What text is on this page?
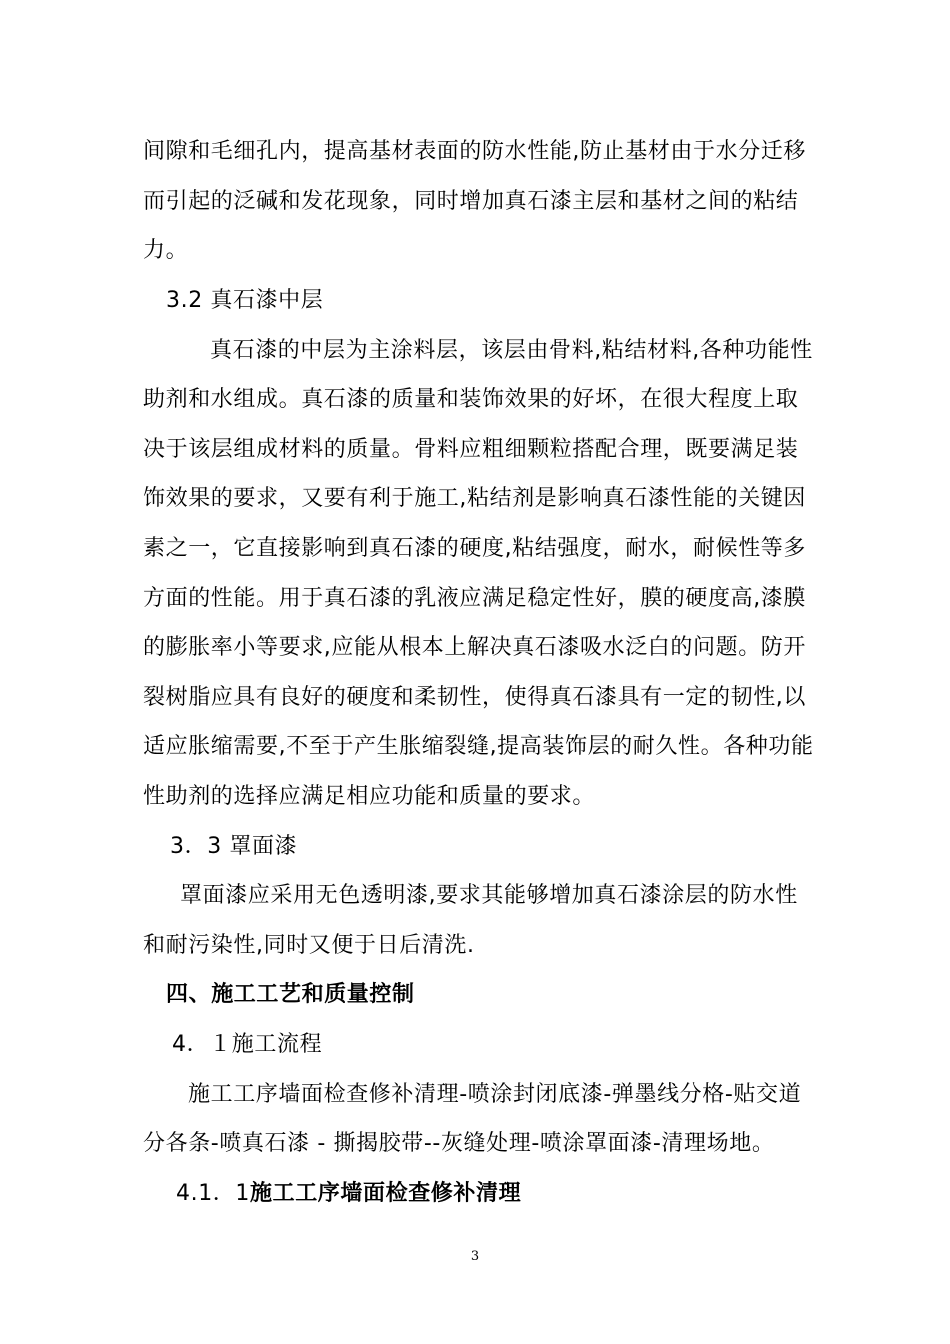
间隙和毛细孔内，提高基材表面的防水性能,防止基材由于水分迁移
而引起的泛碱和发花现象，同时增加真石漆主层和基材之间的粘结
力。
3.2 真石漆中层
真石漆的中层为主涂料层，该层由骨料,粘结材料,各种功能性
助剂和水组成。真石漆的质量和装饰效果的好坏，在很大程度上取
决于该层组成材料的质量。骨料应粗细颗粒搭配合理，既要满足装
饰效果的要求，又要有利于施工,粘结剂是影响真石漆性能的关键因
素之一，它直接影响到真石漆的硬度,粘结强度，耐水，耐候性等多
方面的性能。用于真石漆的乳液应满足稳定性好，膜的硬度高,漆膜
的膨胀率小等要求,应能从根本上解决真石漆吸水泛白的问题。防开
裂树脂应具有良好的硬度和柔韧性，使得真石漆具有一定的韧性,以
适应胀缩需要,不至于产生胀缩裂缝,提高装饰层的耐久性。各种功能
性助剂的选择应满足相应功能和质量的要求。
3．3 罩面漆
罩面漆应采用无色透明漆,要求其能够增加真石漆涂层的防水性
和耐污染性,同时又便于日后清洗.
四、施工工艺和质量控制
4．１施工流程
施工工序墙面检查修补清理-喷涂封闭底漆-弹墨线分格-贴交道
分各条-喷真石漆 - 撕揭胶带--灰缝处理-喷涂罩面漆-清理场地。
4.1．1施工工序墙面检查修补清理
3
